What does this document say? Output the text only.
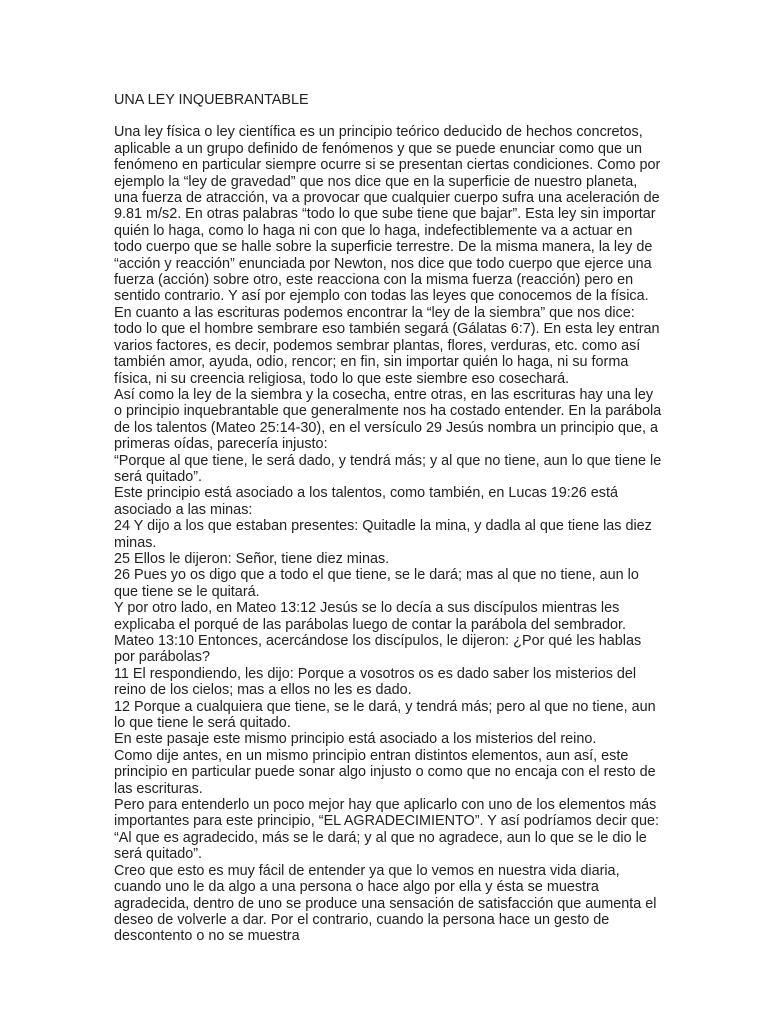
UNA LEY INQUEBRANTABLE

Una ley física o ley científica es un principio teórico deducido de hechos concretos, aplicable a un grupo definido de fenómenos y que se puede enunciar como que un fenómeno en particular siempre ocurre si se presentan ciertas condiciones. Como por ejemplo la “ley de gravedad” que nos dice que en la superficie de nuestro planeta, una fuerza de atracción, va a provocar que cualquier cuerpo sufra una aceleración de 9.81 m/s2. En otras palabras “todo lo que sube tiene que bajar”. Esta ley sin importar quién lo haga, como lo haga ni con que lo haga, indefectiblemente va a actuar en todo cuerpo que se halle sobre la superficie terrestre. De la misma manera, la ley de “acción y reacción” enunciada por Newton, nos dice que todo cuerpo que ejerce una fuerza (acción) sobre otro, este reacciona con la misma fuerza (reacción) pero en sentido contrario. Y así por ejemplo con todas las leyes que conocemos de la física. En cuanto a las escrituras podemos encontrar la “ley de la siembra” que nos dice: todo lo que el hombre sembrare eso también segará (Gálatas 6:7). En esta ley entran varios factores, es decir, podemos sembrar plantas, flores, verduras, etc. como así también amor, ayuda, odio, rencor; en fin, sin importar quién lo haga, ni su forma física, ni su creencia religiosa, todo lo que este siembre eso cosechará.

Así como la ley de la siembra y la cosecha, entre otras, en las escrituras hay una ley o principio inquebrantable que generalmente nos ha costado entender. En la parábola de los talentos (Mateo 25:14-30), en el versículo 29 Jesús nombra un principio que, a primeras oídas, parecería injusto:

“Porque al que tiene, le será dado, y tendrá más; y al que no tiene, aun lo que tiene le será quitado”.

Este principio está asociado a los talentos, como también, en Lucas 19:26 está asociado a las minas:

24 Y dijo a los que estaban presentes: Quitadle la mina, y dadla al que tiene las diez minas.

25 Ellos le dijeron: Señor, tiene diez minas.

26 Pues yo os digo que a todo el que tiene, se le dará; mas al que no tiene, aun lo que tiene se le quitará.

Y por otro lado, en Mateo 13:12 Jesús se lo decía a sus discípulos mientras les explicaba el porqué de las parábolas luego de contar la parábola del sembrador.

Mateo 13:10 Entonces, acercándose los discípulos, le dijeron: ¿Por qué les hablas por parábolas?

11 El respondiendo, les dijo: Porque a vosotros os es dado saber los misterios del reino de los cielos; mas a ellos no les es dado.

12 Porque a cualquiera que tiene, se le dará, y tendrá más; pero al que no tiene, aun lo que tiene le será quitado.

En este pasaje este mismo principio está asociado a los misterios del reino.

Como dije antes, en un mismo principio entran distintos elementos, aun así, este principio en particular puede sonar algo injusto o como que no encaja con el resto de las escrituras.

Pero para entenderlo un poco mejor hay que aplicarlo con uno de los elementos más importantes para este principio, “EL AGRADECIMIENTO”. Y así podríamos decir que:

“Al que es agradecido, más se le dará; y al que no agradece, aun lo que se le dio le será quitado”.

Creo que esto es muy fácil de entender ya que lo vemos en nuestra vida diaria, cuando uno le da algo a una persona o hace algo por ella y ésta se muestra agradecida, dentro de uno se produce una sensación de satisfacción que aumenta el deseo de volverle a dar. Por el contrario, cuando la persona hace un gesto de descontento o no se muestra
